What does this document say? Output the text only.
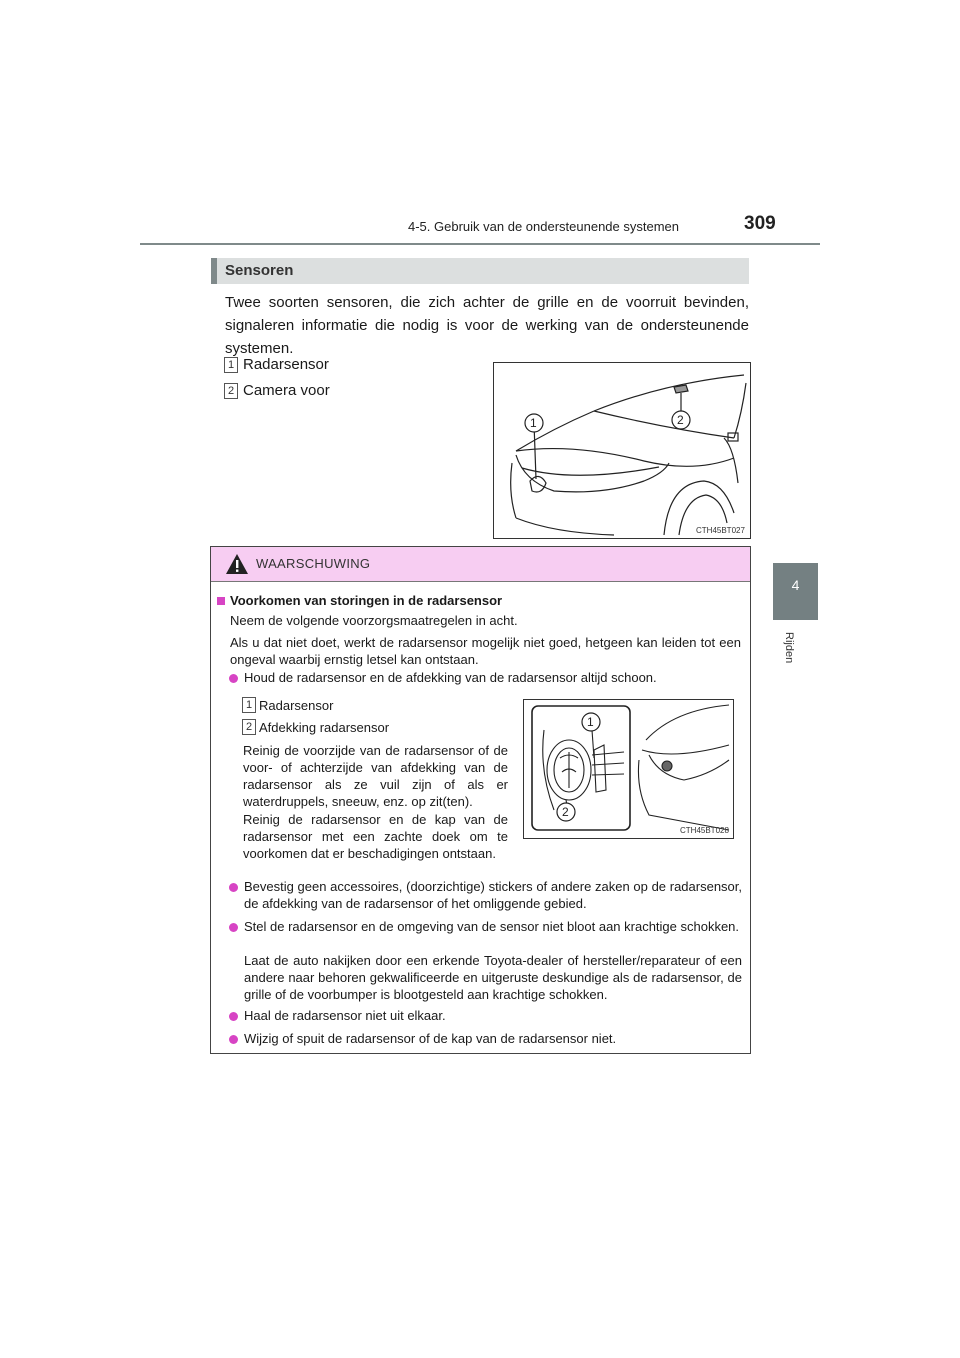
4-5. Gebruik van de ondersteunende systemen	309
4
Rijden
Sensoren
Twee soorten sensoren, die zich achter de grille en de voorruit bevinden, signaleren informatie die nodig is voor de werking van de ondersteunende systemen.
1 Radarsensor
2 Camera voor
1	2
CTH45BT027
WAARSCHUWING
Voorkomen van storingen in de radarsensor
Neem de volgende voorzorgsmaatregelen in acht.
Als u dat niet doet, werkt de radarsensor mogelijk niet goed, hetgeen kan leiden tot een ongeval waarbij ernstig letsel kan ontstaan.
Houd de radarsensor en de afdekking van de radarsensor altijd schoon.
1 Radarsensor
2 Afdekking radarsensor
Reinig de voorzijde van de radarsensor of de voor- of achterzijde van afdekking van de radarsensor als ze vuil zijn of als er waterdruppels, sneeuw, enz. op zit(ten).
Reinig de radarsensor en de kap van de radarsensor met een zachte doek om te voorkomen dat er beschadigingen ontstaan.
1
2
CTH45BT028
Bevestig geen accessoires, (doorzichtige) stickers of andere zaken op de radarsensor, de afdekking van de radarsensor of het omliggende gebied.
Stel de radarsensor en de omgeving van de sensor niet bloot aan krachtige schokken.
Laat de auto nakijken door een erkende Toyota-dealer of hersteller/reparateur of een andere naar behoren gekwalificeerde en uitgeruste deskundige als de radarsensor, de grille of de voorbumper is blootgesteld aan krachtige schokken.
Haal de radarsensor niet uit elkaar.
Wijzig of spuit de radarsensor of de kap van de radarsensor niet.
